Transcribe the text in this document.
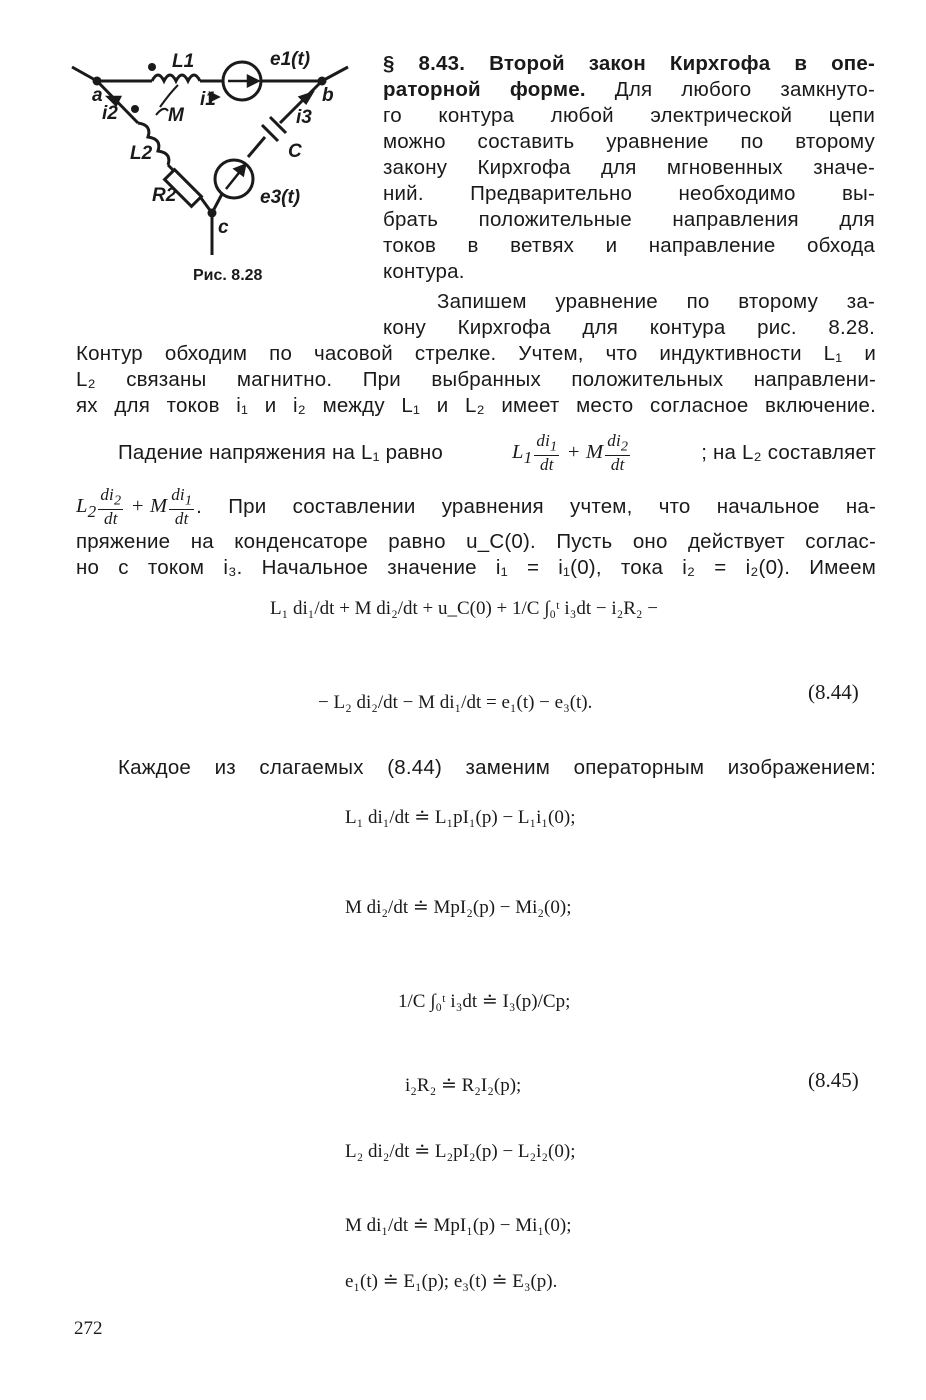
a	b
c
L1	e1(t)
i1
i2	M	i3
C
L2
R2	e3(t)
Рис. 8.28
§ 8.43. Второй закон Кирхгофа в опе-
раторной форме. Для любого замкнуто-
го контура любой электрической цепи
можно составить уравнение по второму
закону Кирхгофа для мгновенных значе-
ний. Предварительно необходимо вы-
брать положительные направления для
токов в ветвях и направление обхода
контура.
Запишем уравнение по второму за-
кону Кирхгофа для контура рис. 8.28.
Контур обходим по часовой стрелке. Учтем, что индуктивности L₁ и
L₂ связаны магнитно. При выбранных положительных направлени-
ях для токов i₁ и i₂ между L₁ и L₂ имеет место согласное включение.
Падение напряжения на L₁ равно	$L_1 \frac{di_1}{dt} + M \frac{di_2}{dt}$	; на L₂ составляет
$L_2 \frac{di_2}{dt} + M \frac{di_1}{dt}$ . При составлении уравнения учтем, что начальное на-
пряжение на конденсаторе равно u_C(0). Пусть оно действует соглас-
но с током i₃. Начальное значение i₁ = i₁(0), тока i₂ = i₂(0). Имеем
L₁ di₁/dt + M di₂/dt + u_C(0) + 1/C ∫₀ᵗ i₃dt − i₂R₂ −
− L₂ di₂/dt − M di₁/dt = e₁(t) − e₃(t).	(8.44)
Каждое из слагаемых (8.44) заменим операторным изображением:
L₁ di₁/dt ≐ L₁pI₁(p) − L₁i₁(0);
M di₂/dt ≐ MpI₂(p) − Mi₂(0);
1/C ∫₀ᵗ i₃dt ≐ I₃(p)/Cp;
i₂R₂ ≐ R₂I₂(p);	(8.45)
L₂ di₂/dt ≐ L₂pI₂(p) − L₂i₂(0);
M di₁/dt ≐ MpI₁(p) − Mi₁(0);
e₁(t) ≐ E₁(p); e₃(t) ≐ E₃(p).
272
